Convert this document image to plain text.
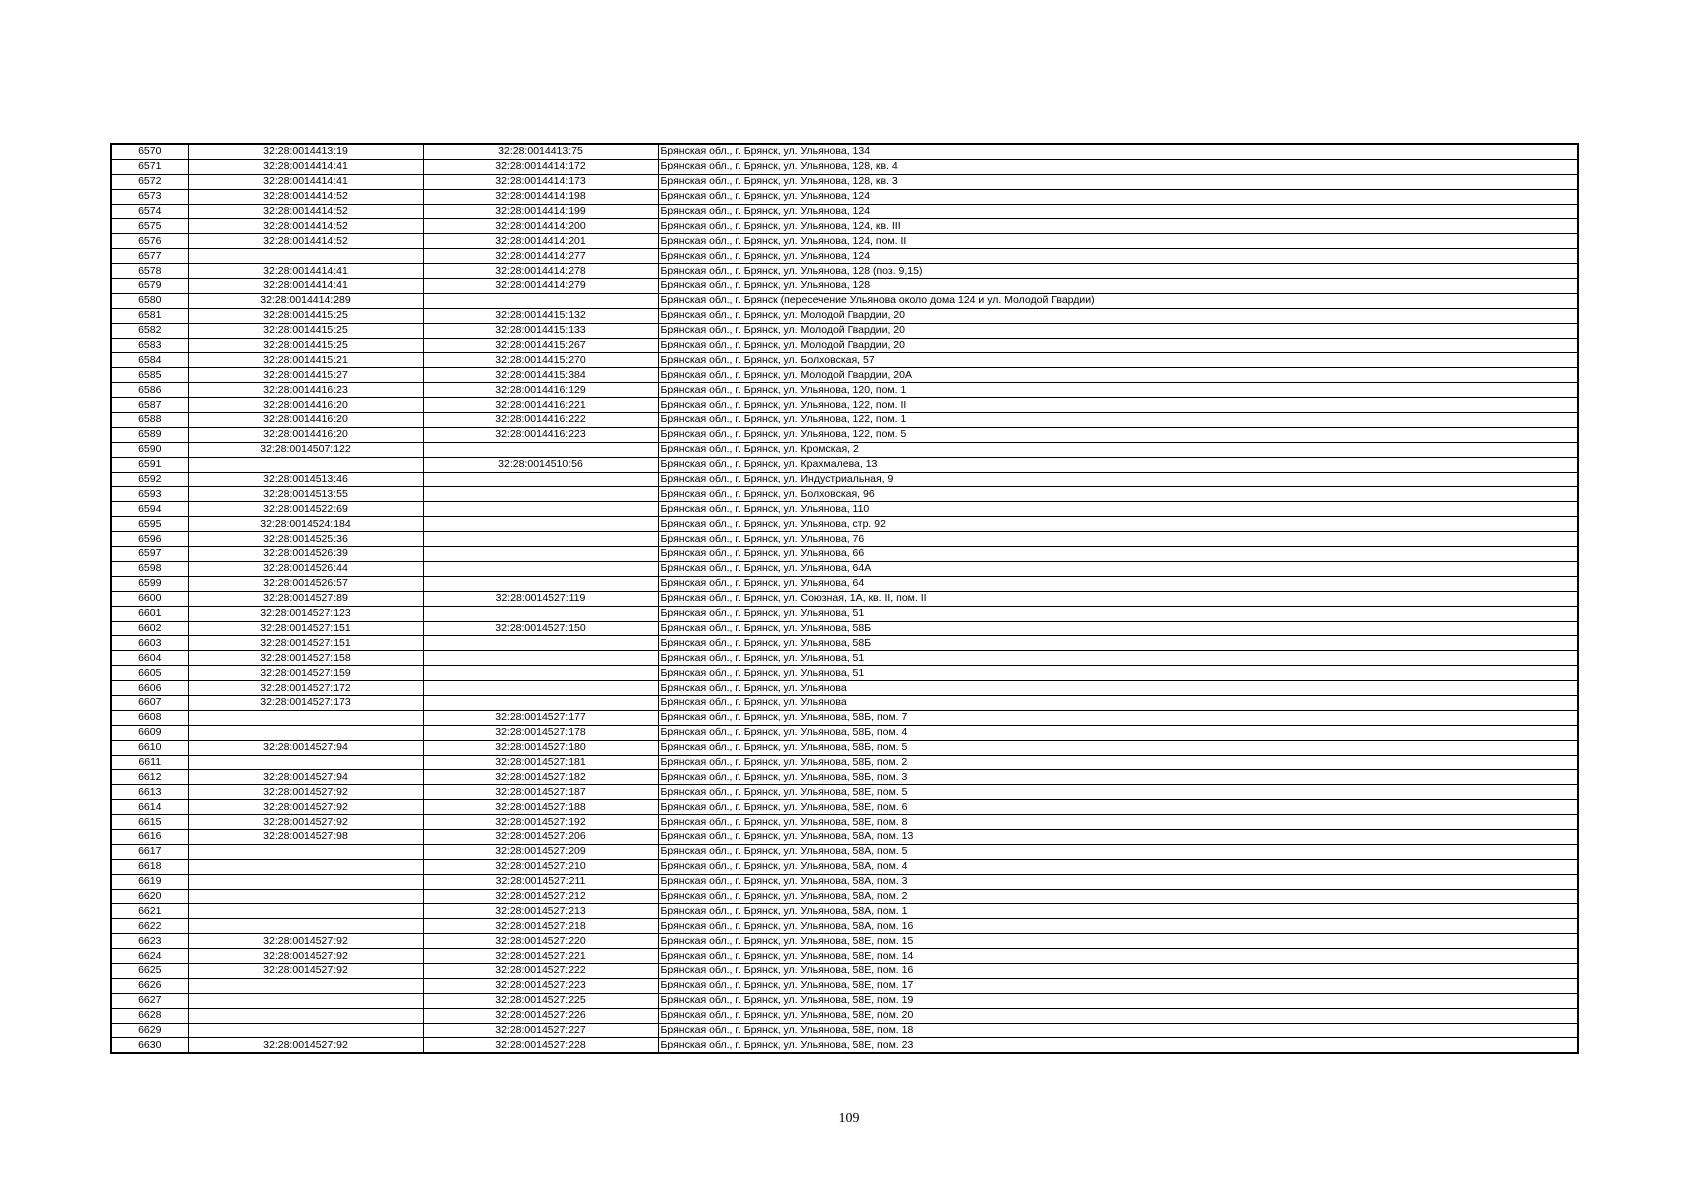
6570	32:28:0014413:19	32:28:0014413:75	Брянская обл., г. Брянск, ул. Ульянова, 134
6571	32:28:0014414:41	32:28:0014414:172	Брянская обл., г. Брянск, ул. Ульянова, 128, кв. 4
6572	32:28:0014414:41	32:28:0014414:173	Брянская обл., г. Брянск, ул. Ульянова, 128, кв. 3
6573	32:28:0014414:52	32:28:0014414:198	Брянская обл., г. Брянск, ул. Ульянова, 124
6574	32:28:0014414:52	32:28:0014414:199	Брянская обл., г. Брянск, ул. Ульянова, 124
6575	32:28:0014414:52	32:28:0014414:200	Брянская обл., г. Брянск, ул. Ульянова, 124, кв. III
6576	32:28:0014414:52	32:28:0014414:201	Брянская обл., г. Брянск, ул. Ульянова, 124, пом. II
6577		32:28:0014414:277	Брянская обл., г. Брянск, ул. Ульянова, 124
6578	32:28:0014414:41	32:28:0014414:278	Брянская обл., г. Брянск, ул. Ульянова, 128 (поз. 9,15)
6579	32:28:0014414:41	32:28:0014414:279	Брянская обл., г. Брянск, ул. Ульянова, 128
6580	32:28:0014414:289		Брянская обл., г. Брянск (пересечение Ульянова около дома 124 и ул. Молодой Гвардии)
6581	32:28:0014415:25	32:28:0014415:132	Брянская обл., г. Брянск, ул. Молодой Гвардии, 20
6582	32:28:0014415:25	32:28:0014415:133	Брянская обл., г. Брянск, ул. Молодой Гвардии, 20
6583	32:28:0014415:25	32:28:0014415:267	Брянская обл., г. Брянск, ул. Молодой Гвардии, 20
6584	32:28:0014415:21	32:28:0014415:270	Брянская обл., г. Брянск, ул. Болховская, 57
6585	32:28:0014415:27	32:28:0014415:384	Брянская обл., г. Брянск, ул. Молодой Гвардии, 20А
6586	32:28:0014416:23	32:28:0014416:129	Брянская обл., г. Брянск, ул. Ульянова, 120, пом. 1
6587	32:28:0014416:20	32:28:0014416:221	Брянская обл., г. Брянск, ул. Ульянова, 122, пом. II
6588	32:28:0014416:20	32:28:0014416:222	Брянская обл., г. Брянск, ул. Ульянова, 122, пом. 1
6589	32:28:0014416:20	32:28:0014416:223	Брянская обл., г. Брянск, ул. Ульянова, 122, пом. 5
6590	32:28:0014507:122		Брянская обл., г. Брянск, ул. Кромская, 2
6591		32:28:0014510:56	Брянская обл., г. Брянск, ул. Крахмалева, 13
6592	32:28:0014513:46		Брянская обл., г. Брянск, ул. Индустриальная, 9
6593	32:28:0014513:55		Брянская обл., г. Брянск, ул. Болховская, 96
6594	32:28:0014522:69		Брянская обл., г. Брянск, ул. Ульянова, 110
6595	32:28:0014524:184		Брянская обл., г. Брянск, ул. Ульянова, стр. 92
6596	32:28:0014525:36		Брянская обл., г. Брянск, ул. Ульянова, 76
6597	32:28:0014526:39		Брянская обл., г. Брянск, ул. Ульянова, 66
6598	32:28:0014526:44		Брянская обл., г. Брянск, ул. Ульянова, 64А
6599	32:28:0014526:57		Брянская обл., г. Брянск, ул. Ульянова, 64
6600	32:28:0014527:89	32:28:0014527:119	Брянская обл., г. Брянск, ул. Союзная, 1А, кв. II, пом. II
6601	32:28:0014527:123		Брянская обл., г. Брянск, ул. Ульянова, 51
6602	32:28:0014527:151	32:28:0014527:150	Брянская обл., г. Брянск, ул. Ульянова, 58Б
6603	32:28:0014527:151		Брянская обл., г. Брянск, ул. Ульянова, 58Б
6604	32:28:0014527:158		Брянская обл., г. Брянск, ул. Ульянова, 51
6605	32:28:0014527:159		Брянская обл., г. Брянск, ул. Ульянова, 51
6606	32:28:0014527:172		Брянская обл., г. Брянск, ул. Ульянова
6607	32:28:0014527:173		Брянская обл., г. Брянск, ул. Ульянова
6608		32:28:0014527:177	Брянская обл., г. Брянск, ул. Ульянова, 58Б, пом. 7
6609		32:28:0014527:178	Брянская обл., г. Брянск, ул. Ульянова, 58Б, пом. 4
6610	32:28:0014527:94	32:28:0014527:180	Брянская обл., г. Брянск, ул. Ульянова, 58Б, пом. 5
6611		32:28:0014527:181	Брянская обл., г. Брянск, ул. Ульянова, 58Б, пом. 2
6612	32:28:0014527:94	32:28:0014527:182	Брянская обл., г. Брянск, ул. Ульянова, 58Б, пом. 3
6613	32:28:0014527:92	32:28:0014527:187	Брянская обл., г. Брянск, ул. Ульянова, 58Е, пом. 5
6614	32:28:0014527:92	32:28:0014527:188	Брянская обл., г. Брянск, ул. Ульянова, 58Е, пом. 6
6615	32:28:0014527:92	32:28:0014527:192	Брянская обл., г. Брянск, ул. Ульянова, 58Е, пом. 8
6616	32:28:0014527:98	32:28:0014527:206	Брянская обл., г. Брянск, ул. Ульянова, 58А, пом. 13
6617		32:28:0014527:209	Брянская обл., г. Брянск, ул. Ульянова, 58А, пом. 5
6618		32:28:0014527:210	Брянская обл., г. Брянск, ул. Ульянова, 58А, пом. 4
6619		32:28:0014527:211	Брянская обл., г. Брянск, ул. Ульянова, 58А, пом. 3
6620		32:28:0014527:212	Брянская обл., г. Брянск, ул. Ульянова, 58А, пом. 2
6621		32:28:0014527:213	Брянская обл., г. Брянск, ул. Ульянова, 58А, пом. 1
6622		32:28:0014527:218	Брянская обл., г. Брянск, ул. Ульянова, 58А, пом. 16
6623	32:28:0014527:92	32:28:0014527:220	Брянская обл., г. Брянск, ул. Ульянова, 58Е, пом. 15
6624	32:28:0014527:92	32:28:0014527:221	Брянская обл., г. Брянск, ул. Ульянова, 58Е, пом. 14
6625	32:28:0014527:92	32:28:0014527:222	Брянская обл., г. Брянск, ул. Ульянова, 58Е, пом. 16
6626		32:28:0014527:223	Брянская обл., г. Брянск, ул. Ульянова, 58Е, пом. 17
6627		32:28:0014527:225	Брянская обл., г. Брянск, ул. Ульянова, 58Е, пом. 19
6628		32:28:0014527:226	Брянская обл., г. Брянск, ул. Ульянова, 58Е, пом. 20
6629		32:28:0014527:227	Брянская обл., г. Брянск, ул. Ульянова, 58Е, пом. 18
6630	32:28:0014527:92	32:28:0014527:228	Брянская обл., г. Брянск, ул. Ульянова, 58Е, пом. 23
109
